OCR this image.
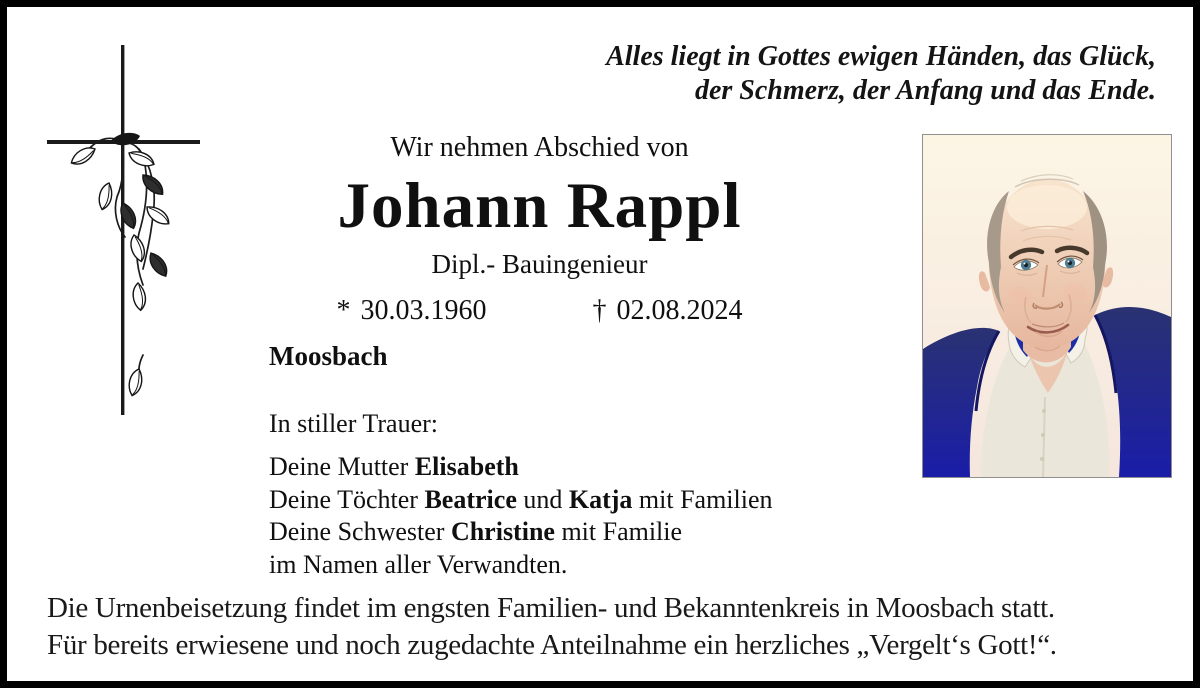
Alles liegt in Gottes ewigen Händen, das Glück,
der Schmerz, der Anfang und das Ende.
Wir nehmen Abschied von
Johann Rappl
Dipl.- Bauingenieur
* 30.03.1960	† 02.08.2024
Moosbach
In stiller Trauer:
Deine Mutter Elisabeth
Deine Töchter Beatrice und Katja mit Familien
Deine Schwester Christine mit Familie
im Namen aller Verwandten.
Die Urnenbeisetzung findet im engsten Familien- und Bekanntenkreis in Moosbach statt.
Für bereits erwiesene und noch zugedachte Anteilnahme ein herzliches „Vergelt‘s Gott!“.
